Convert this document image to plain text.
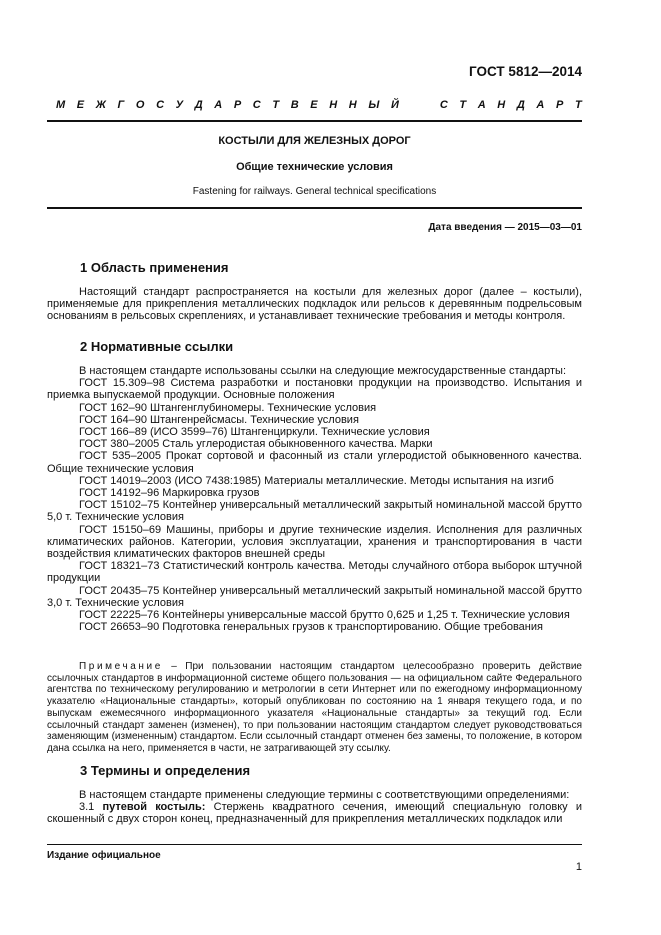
ГОСТ 5812—2014
М Е Ж Г О С У Д А Р С Т В Е Н Н Ы Й

	С Т А Н Д А Р Т
КОСТЫЛИ ДЛЯ ЖЕЛЕЗНЫХ ДОРОГ
Общие технические условия
Fastening for railways. General technical specifications
Дата введения — 2015—03—01
1 Область применения

Настоящий стандарт распространяется на костыли для железных дорог (далее – костыли), применяемые для прикрепления металлических подкладок или рельсов к деревянным подрельсовым основаниям в рельсовых скреплениях, и устанавливает технические требования и методы контроля.

2 Нормативные ссылки

В настоящем стандарте использованы ссылки на следующие межгосударственные стандарты:

ГОСТ 15.309–98 Система разработки и постановки продукции на производство. Испытания и приемка выпускаемой продукции. Основные положения

ГОСТ 162–90 Штангенглубиномеры. Технические условия

ГОСТ 164–90 Штангенрейсмасы. Технические условия

ГОСТ 166–89 (ИСО 3599–76) Штангенциркули. Технические условия

ГОСТ 380–2005 Сталь углеродистая обыкновенного качества. Марки

ГОСТ 535–2005 Прокат сортовой и фасонный из стали углеродистой обыкновенного качества. Общие технические условия

ГОСТ 14019–2003 (ИСО 7438:1985) Материалы металлические. Методы испытания на изгиб

ГОСТ 14192–96 Маркировка грузов

ГОСТ 15102–75 Контейнер универсальный металлический закрытый номинальной массой брутто 5,0 т. Технические условия

ГОСТ 15150–69 Машины, приборы и другие технические изделия. Исполнения для различных климатических районов. Категории, условия эксплуатации, хранения и транспортирования в части воздействия климатических факторов внешней среды

ГОСТ 18321–73 Статистический контроль качества. Методы случайного отбора выборок штучной продукции

ГОСТ 20435–75 Контейнер универсальный металлический закрытый номинальной массой брутто 3,0 т. Технические условия

ГОСТ 22225–76 Контейнеры универсальные массой брутто 0,625 и 1,25 т. Технические условия

ГОСТ 26653–90 Подготовка генеральных грузов к транспортированию. Общие требования

Примечание – При пользовании настоящим стандартом целесообразно проверить действие ссылочных стандартов в информационной системе общего пользования — на официальном сайте Федерального агентства по техническому регулированию и метрологии в сети Интернет или по ежегодному информационному указателю «Национальные стандарты», который опубликован по состоянию на 1 января текущего года, и по выпускам ежемесячного информационного указателя «Национальные стандарты» за текущий год. Если ссылочный стандарт заменен (изменен), то при пользовании настоящим стандартом следует руководствоваться заменяющим (измененным) стандартом. Если ссылочный стандарт отменен без замены, то положение, в котором дана ссылка на него, применяется в части, не затрагивающей эту ссылку.

3 Термины и определения

В настоящем стандарте применены следующие термины с соответствующими определениями:

3.1 путевой костыль: Стержень квадратного сечения, имеющий специальную головку и скошенный с двух сторон конец, предназначенный для прикрепления металлических подкладок или

Издание официальное
1
